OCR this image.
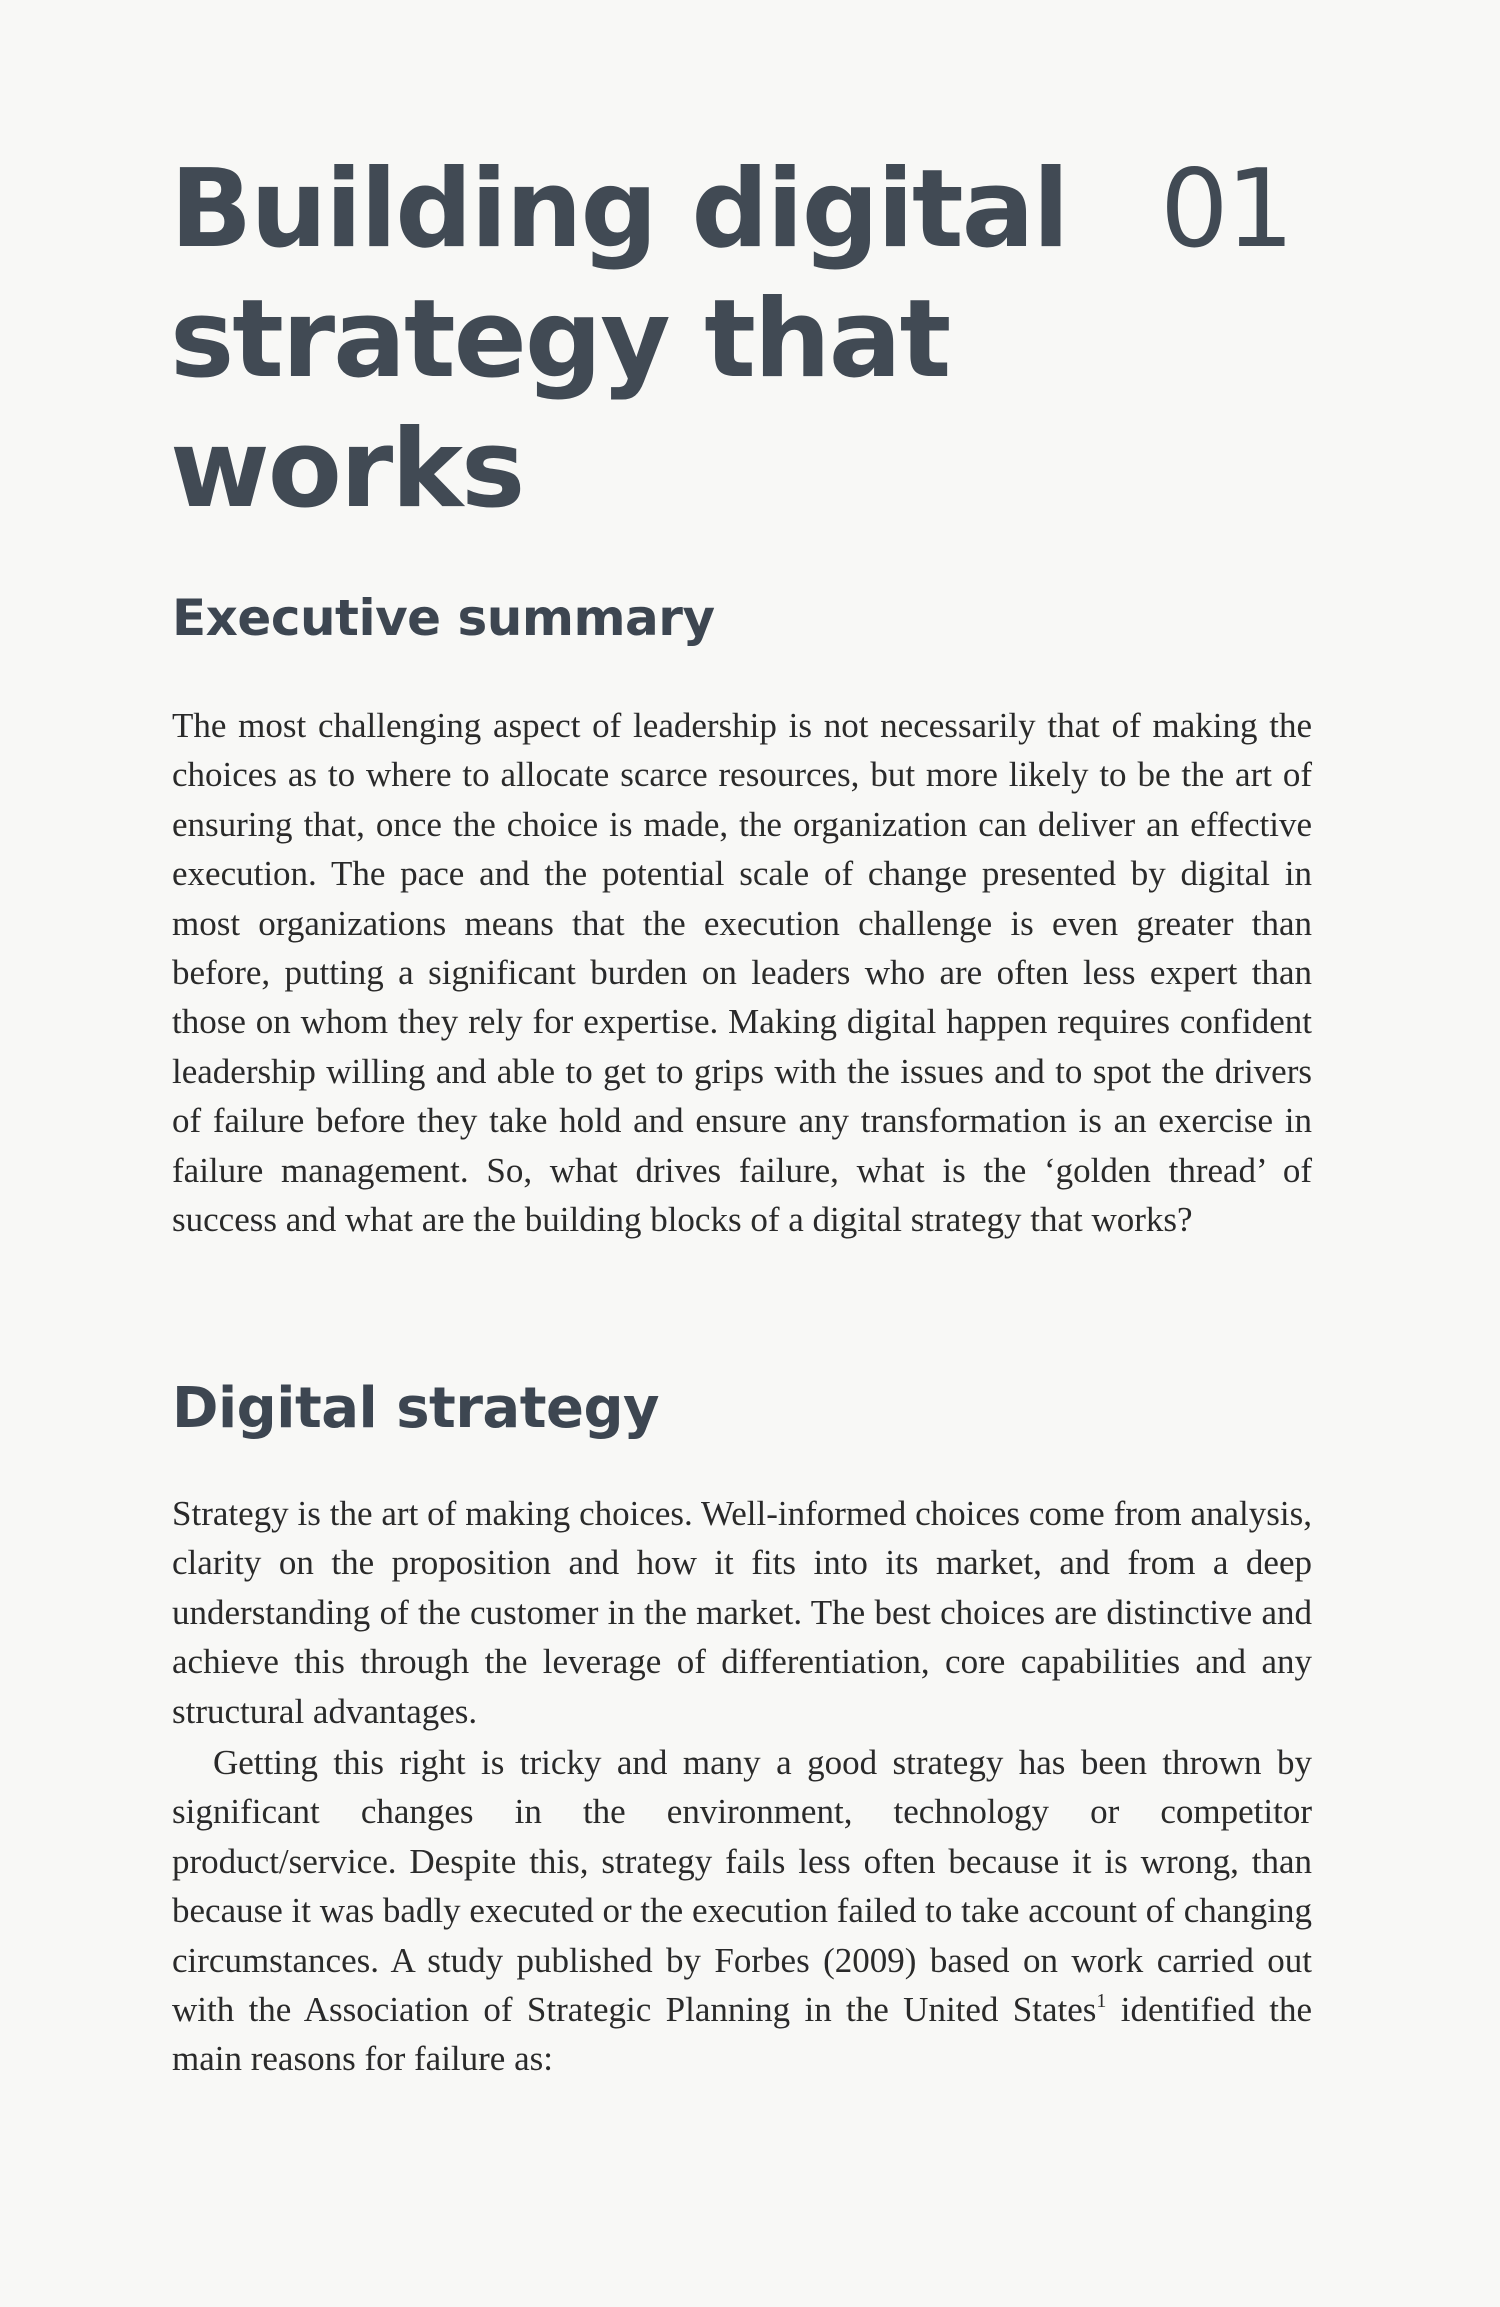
Building digital
strategy that works
01
Executive summary

The most challenging aspect of leadership is not necessarily that of making the choices as to where to allocate scarce resources, but more likely to be the art of ensuring that, once the choice is made, the organization can deliver an effective execution. The pace and the potential scale of change presented by digital in most organizations means that the execution challenge is even greater than before, putting a significant burden on leaders who are often less expert than those on whom they rely for expertise. Making digital happen requires confident leadership willing and able to get to grips with the issues and to spot the drivers of failure before they take hold and ensure any transformation is an exercise in failure management. So, what drives failure, what is the ‘golden thread’ of success and what are the building blocks of a digital strategy that works?

Digital strategy

Strategy is the art of making choices. Well-informed choices come from analysis, clarity on the proposition and how it fits into its market, and from a deep understanding of the customer in the market. The best choices are distinctive and achieve this through the leverage of differentiation, core capabilities and any structural advantages.

Getting this right is tricky and many a good strategy has been thrown by significant changes in the environment, technology or competitor product/service. Despite this, strategy fails less often because it is wrong, than because it was badly executed or the execution failed to take account of changing circumstances. A study published by Forbes (2009) based on work carried out with the Association of Strategic Planning in the United States$^1$ identified the main reasons for failure as:
